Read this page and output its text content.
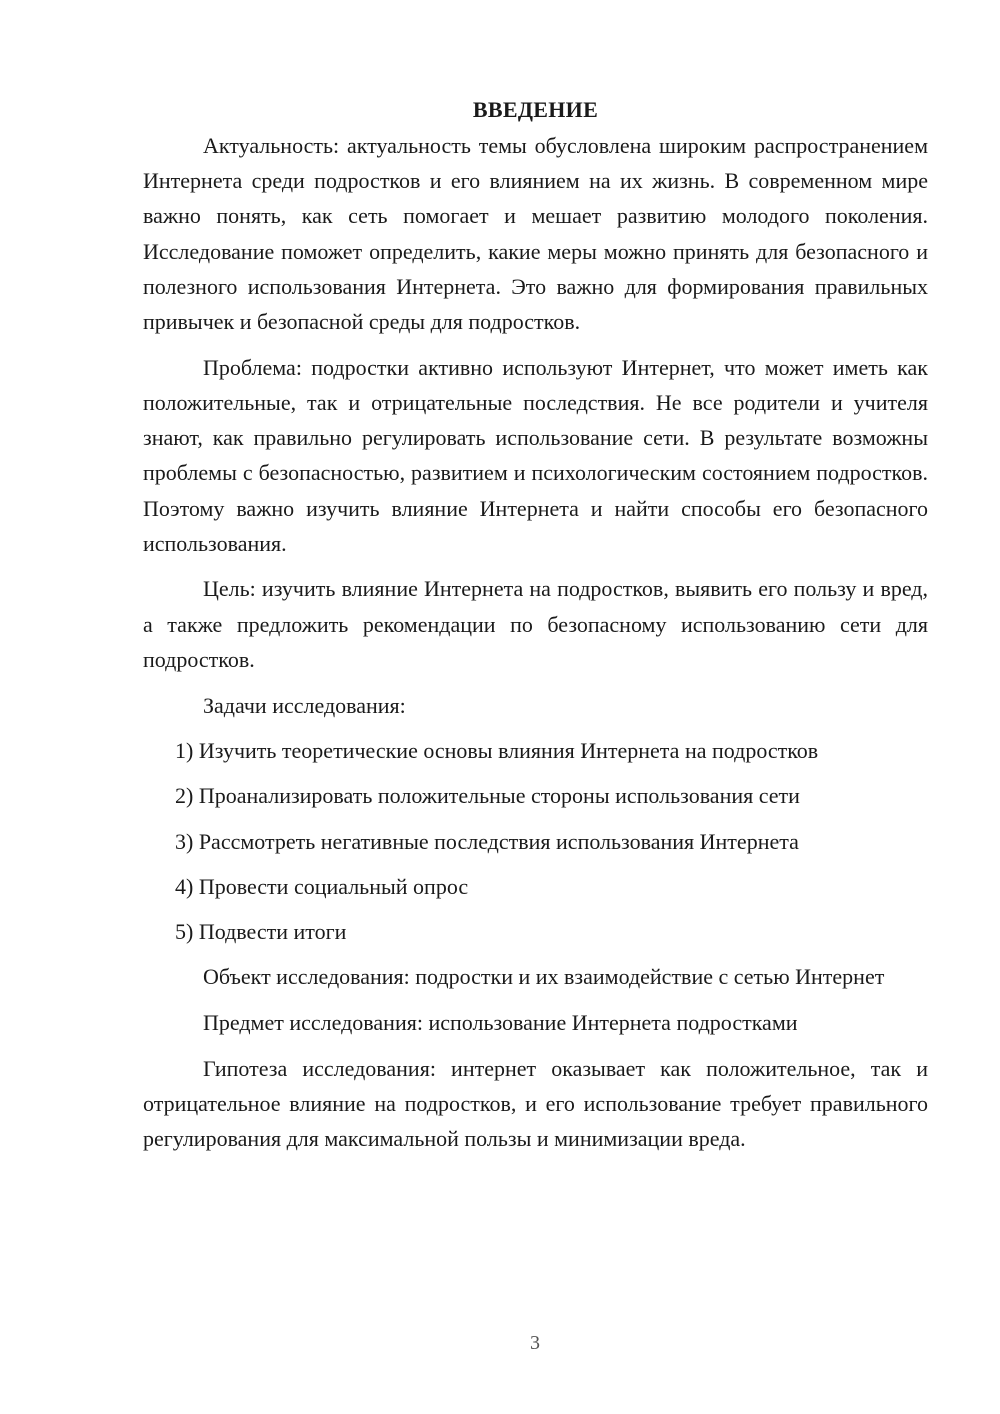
ВВЕДЕНИЕ

Актуальность: актуальность темы обусловлена широким распространением Интернета среди подростков и его влиянием на их жизнь. В современном мире важно понять, как сеть помогает и мешает развитию молодого поколения. Исследование поможет определить, какие меры можно принять для безопасного и полезного использования Интернета. Это важно для формирования правильных привычек и безопасной среды для подростков.

Проблема: подростки активно используют Интернет, что может иметь как положительные, так и отрицательные последствия. Не все родители и учителя знают, как правильно регулировать использование сети. В результате возможны проблемы с безопасностью, развитием и психологическим состоянием подростков. Поэтому важно изучить влияние Интернета и найти способы его безопасного использования.

Цель: изучить влияние Интернета на подростков, выявить его пользу и вред, а также предложить рекомендации по безопасному использованию сети для подростков.

Задачи исследования:

1) Изучить теоретические основы влияния Интернета на подростков
2) Проанализировать положительные стороны использования сети
3) Рассмотреть негативные последствия использования Интернета
4) Провести социальный опрос
5) Подвести итоги

Объект исследования: подростки и их взаимодействие с сетью Интернет

Предмет исследования: использование Интернета подростками

Гипотеза исследования: интернет оказывает как положительное, так и отрицательное влияние на подростков, и его использование требует правильного регулирования для максимальной пользы и минимизации вреда.

3
